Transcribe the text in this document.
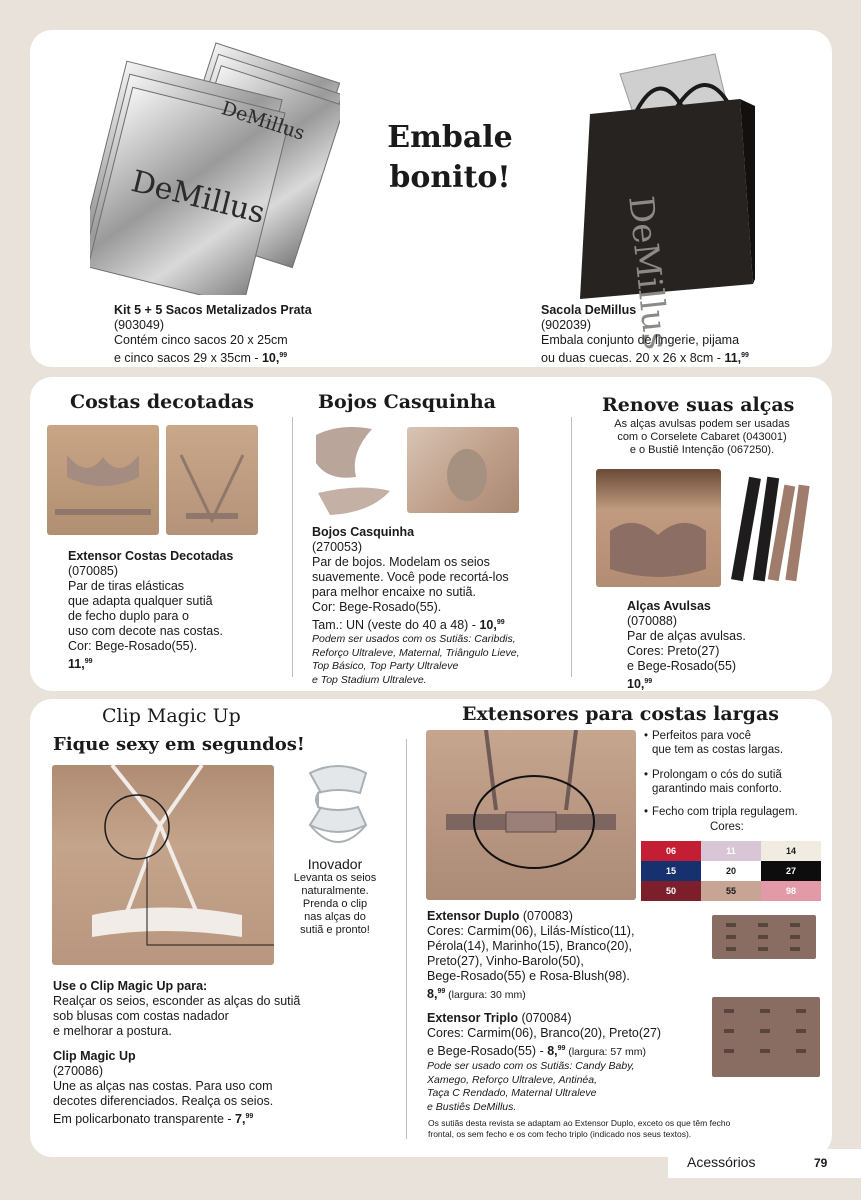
DeMillus
DeMillus	Embale
bonito!
DeMillus
Kit 5 + 5 Sacos Metalizados Prata
(903049)
Contém cinco sacos 20 x 25cm
e cinco sacos 29 x 35cm - 10,99
Sacola DeMillus
(902039)
Embala conjunto de lingerie, pijama
ou duas cuecas. 20 x 26 x 8cm - 11,99
Costas decotadas
Extensor Costas Decotadas
(070085)
Par de tiras elásticas
que adapta qualquer sutiã
de fecho duplo para o
uso com decote nas costas.
Cor: Bege-Rosado(55).
11,99
Bojos Casquinha
Bojos Casquinha
(270053)
Par de bojos. Modelam os seios
suavemente. Você pode recortá-los
para melhor encaixe no sutiã.
Cor: Bege-Rosado(55).
Tam.: UN (veste do 40 a 48) - 10,99
Podem ser usados com os Sutiãs: Caribdis,
Reforço Ultraleve, Maternal, Triângulo Lieve,
Top Básico, Top Party Ultraleve
e Top Stadium Ultraleve.
Renove suas alças
As alças avulsas podem ser usadas
com o Corselete Cabaret (043001)
e o Bustiê Intenção (067250).
Alças Avulsas
(070088)
Par de alças avulsas.
Cores: Preto(27)
e Bege-Rosado(55)
10,99
Clip Magic Up
Fique sexy em segundos!
Inovador
Levanta os seios
naturalmente.
Prenda o clip
nas alças do
sutiã e pronto!
Use o Clip Magic Up para:
Realçar os seios, esconder as alças do sutiã
sob blusas com costas nadador
e melhorar a postura.
Clip Magic Up
(270086)
Une as alças nas costas. Para uso com
decotes diferenciados. Realça os seios.
Em policarbonato transparente - 7,99
Extensores para costas largas
• Perfeitos para você
que tem as costas largas.
• Prolongam o cós do sutiã
garantindo mais conforto.
• Fecho com tripla regulagem.
Cores:
06	11	14
15	20	27
50	55	98
Extensor Duplo (070083)
Cores: Carmim(06), Lilás-Místico(11),
Pérola(14), Marinho(15), Branco(20),
Preto(27), Vinho-Barolo(50),
Bege-Rosado(55) e Rosa-Blush(98).
8,99 (largura: 30 mm)
Extensor Triplo (070084)
Cores: Carmim(06), Branco(20), Preto(27)
e Bege-Rosado(55) - 8,99 (largura: 57 mm)
Pode ser usado com os Sutiãs: Candy Baby,
Xamego, Reforço Ultraleve, Antinéa,
Taça C Rendado, Maternal Ultraleve
e Bustiês DeMillus.
Os sutiãs desta revista se adaptam ao Extensor Duplo, exceto os que têm fecho
frontal, os sem fecho e os com fecho triplo (indicado nos seus textos).
Acessórios	79
